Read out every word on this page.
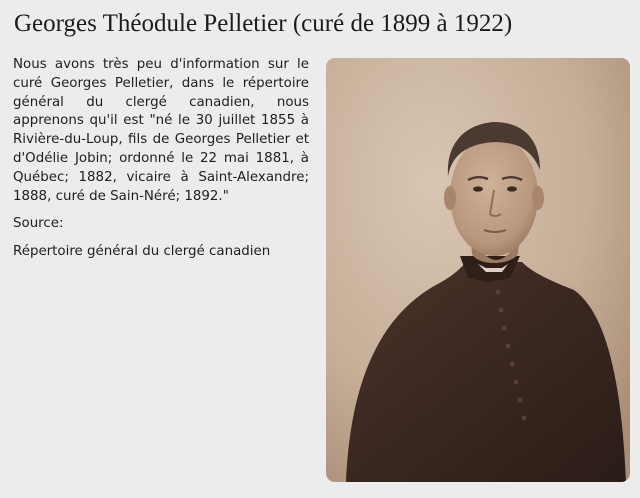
Georges Théodule Pelletier (curé de 1899 à 1922)

Nous avons très peu d'information sur le curé Georges Pelletier, dans le répertoire général du clergé canadien, nous apprenons qu'il est "né le 30 juillet 1855 à Rivière-du-Loup, fils de Georges Pelletier et d'Odélie Jobin; ordonné le 22 mai 1881, à Québec; 1882, vicaire à Saint-Alexandre; 1888, curé de Sain-Néré; 1892."

Source:

Répertoire général du clergé canadien
